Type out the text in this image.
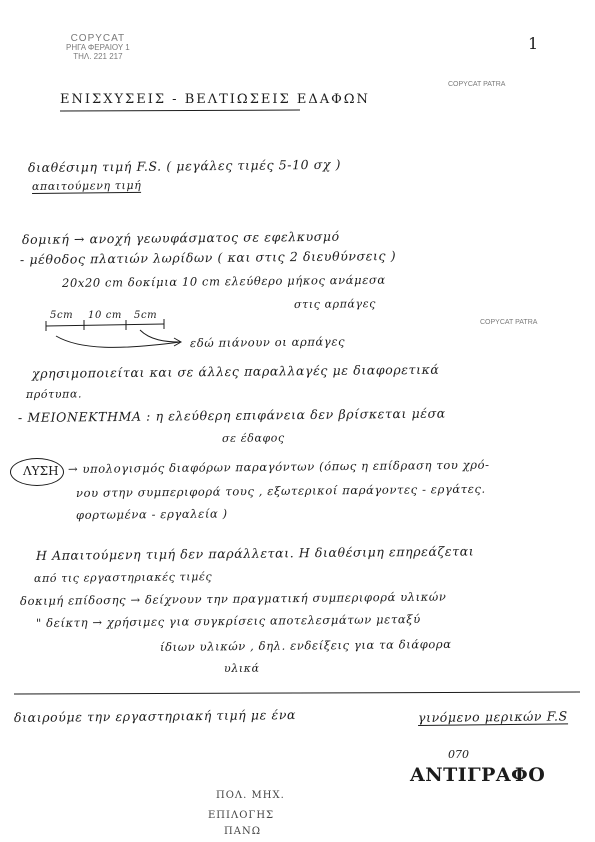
COPYCAT
ΡΗΓΑ ΦΕΡΑΙΟΥ 1
ΤΗΛ. 221 217
COPYCAT PATRA
COPYCAT PATRA
1
ΕΝΙΣΧΥΣΕΙΣ - ΒΕΛΤΙΩΣΕΙΣ ΕΔΑΦΩΝ
διαθέσιμη τιμή F.S. ( μεγάλες τιμές 5-10 σχ )
απαιτούμενη τιμή
δομική → ανοχή γεωυφάσματος σε εφελκυσμό
- μέθοδος πλατιών λωρίδων ( και στις 2 διευθύνσεις )
20x20 cm δοκίμια 10 cm ελεύθερο μήκος ανάμεσα
στις αρπάγες
5cm 10 cm 5cm
εδώ πιάνουν οι αρπάγες
χρησιμοποιείται και σε άλλες παραλλαγές με διαφορετικά
πρότυπα.
- ΜΕΙΟΝΕΚΤΗΜΑ : η ελεύθερη επιφάνεια δεν βρίσκεται μέσα
σε έδαφος
ΛΥΣΗ → υπολογισμός διαφόρων παραγόντων (όπως η επίδραση του χρό-
νου στην συμπεριφορά τους , εξωτερικοί παράγοντες - εργάτες.
φορτωμένα - εργαλεία )
Η Απαιτούμενη τιμή δεν παράλλεται. Η διαθέσιμη επηρεάζεται
από τις εργαστηριακές τιμές
δοκιμή επίδοσης → δείχνουν την πραγματική συμπεριφορά υλικών
" δείκτη → χρήσιμες για συγκρίσεις αποτελεσμάτων μεταξύ
ίδιων υλικών , δηλ. ενδείξεις για τα διάφορα
υλικά
διαιρούμε την εργαστηριακή τιμή με ένα	γινόμενο μερικών F.S
070
ΑΝΤΙΓΡΑΦΟ
ΠΟΛ. ΜΗΧ.
ΕΠΙΛΟΓΗΣ
ΠΑΝΩ
